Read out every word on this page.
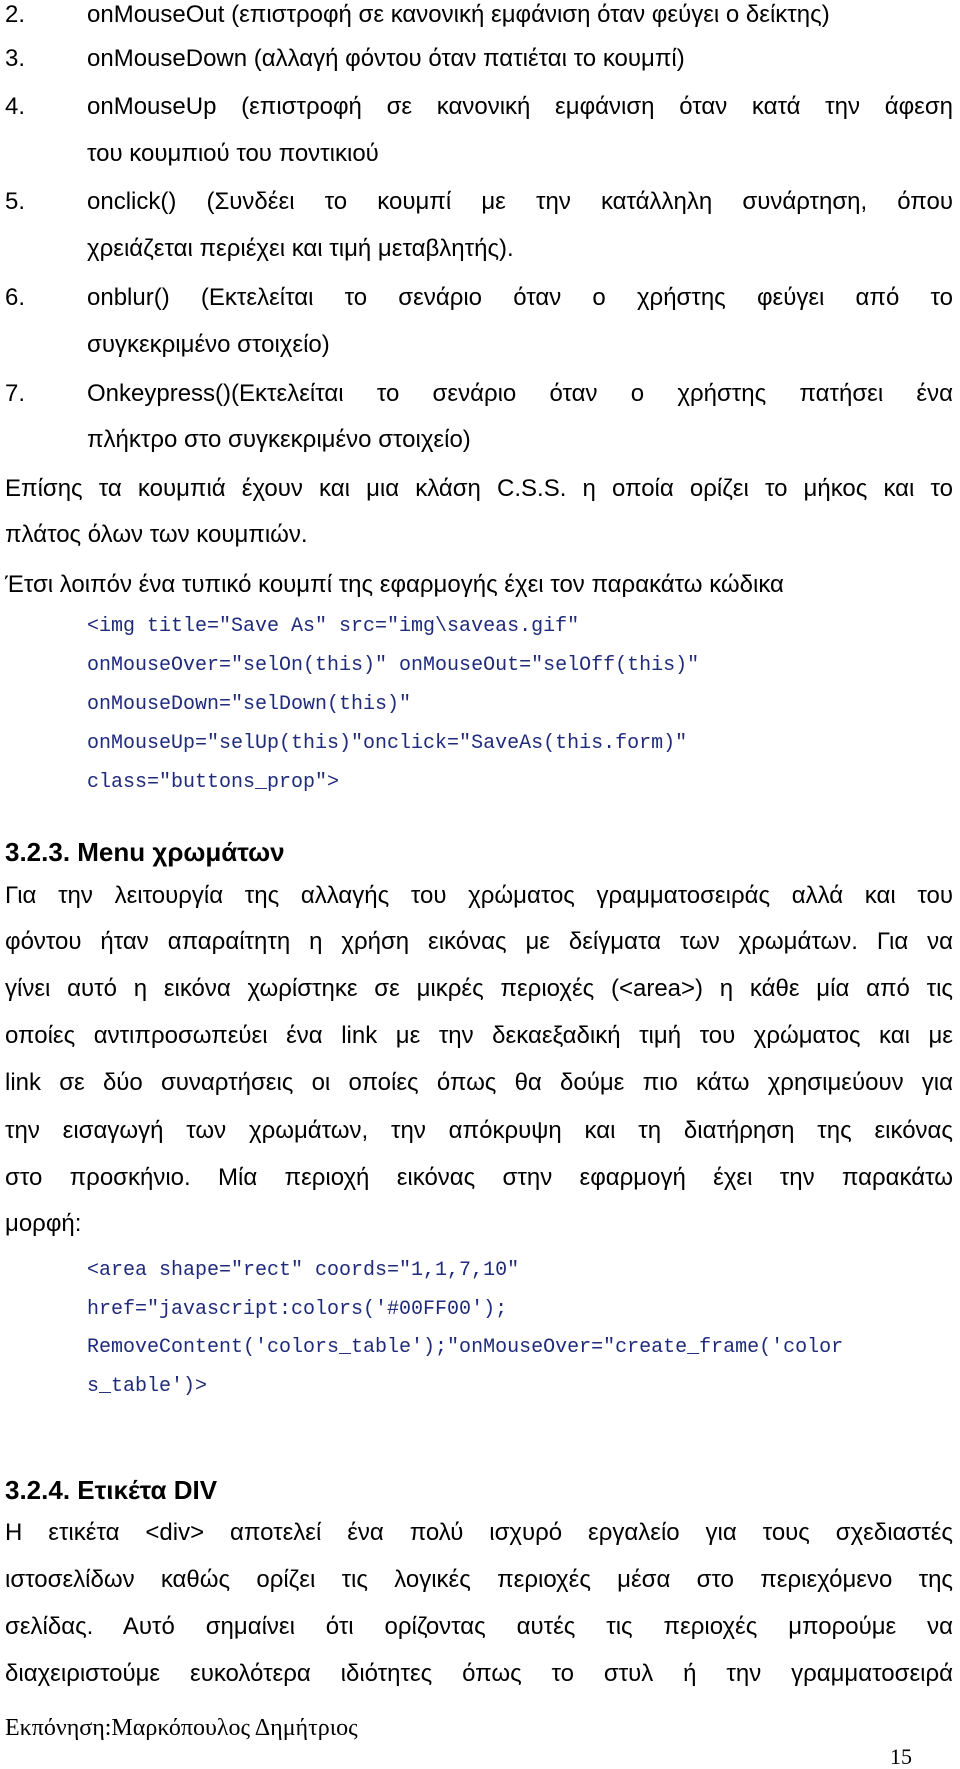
2.	onMouseOut (επιστροφή σε κανονική εμφάνιση όταν φεύγει ο δείκτης)
3.	onMouseDown (αλλαγή φόντου όταν πατιέται το κουμπί)
4.	onMouseUp (επιστροφή σε κανονική εμφάνιση όταν κατά την άφεση
του κουμπιού του ποντικιού
5.	onclick() (Συνδέει το κουμπί με την κατάλληλη συνάρτηση, όπου
χρειάζεται περιέχει και τιμή μεταβλητής).
6.	onblur() (Εκτελείται το σενάριο όταν ο χρήστης φεύγει από το
συγκεκριμένο στοιχείο)
7.	Onkeypress()(Εκτελείται το σενάριο όταν ο χρήστης πατήσει ένα
πλήκτρο στο συγκεκριμένο στοιχείο)
Επίσης τα κουμπιά έχουν και μια κλάση C.S.S. η οποία ορίζει το μήκος και το
πλάτος όλων των κουμπιών.
Έτσι λοιπόν ένα τυπικό κουμπί της εφαρμογής έχει τον παρακάτω κώδικα
<img title="Save As" src="img\saveas.gif"
onMouseOver="selOn(this)" onMouseOut="selOff(this)"
onMouseDown="selDown(this)"
onMouseUp="selUp(this)"onclick="SaveAs(this.form)"
class="buttons_prop">
3.2.3. Menu χρωμάτων
Για την λειτουργία της αλλαγής του χρώματος γραμματοσειράς αλλά και του
φόντου ήταν απαραίτητη η χρήση εικόνας με δείγματα των χρωμάτων. Για να
γίνει αυτό η εικόνα χωρίστηκε σε μικρές περιοχές (<area>) η κάθε μία από τις
οποίες αντιπροσωπεύει ένα link με την δεκαεξαδική τιμή του χρώματος και με
link σε δύο συναρτήσεις οι οποίες όπως θα δούμε πιο κάτω χρησιμεύουν για
την εισαγωγή των χρωμάτων, την απόκρυψη και τη διατήρηση της εικόνας
στο προσκήνιο. Μία περιοχή εικόνας στην εφαρμογή έχει την παρακάτω
μορφή:
<area shape="rect" coords="1,1,7,10"
href="javascript:colors('#00FF00');
RemoveContent('colors_table');"onMouseOver="create_frame('color
s_table')>
3.2.4. Ετικέτα DIV
Η ετικέτα <div> αποτελεί ένα πολύ ισχυρό εργαλείο για τους σχεδιαστές
ιστοσελίδων καθώς ορίζει τις λογικές περιοχές μέσα στο περιεχόμενο της
σελίδας. Αυτό σημαίνει ότι ορίζοντας αυτές τις περιοχές μπορούμε να
διαχειριστούμε ευκολότερα ιδιότητες όπως το στυλ ή την γραμματοσειρά
Εκπόνηση:Μαρκόπουλος Δημήτριος
15
